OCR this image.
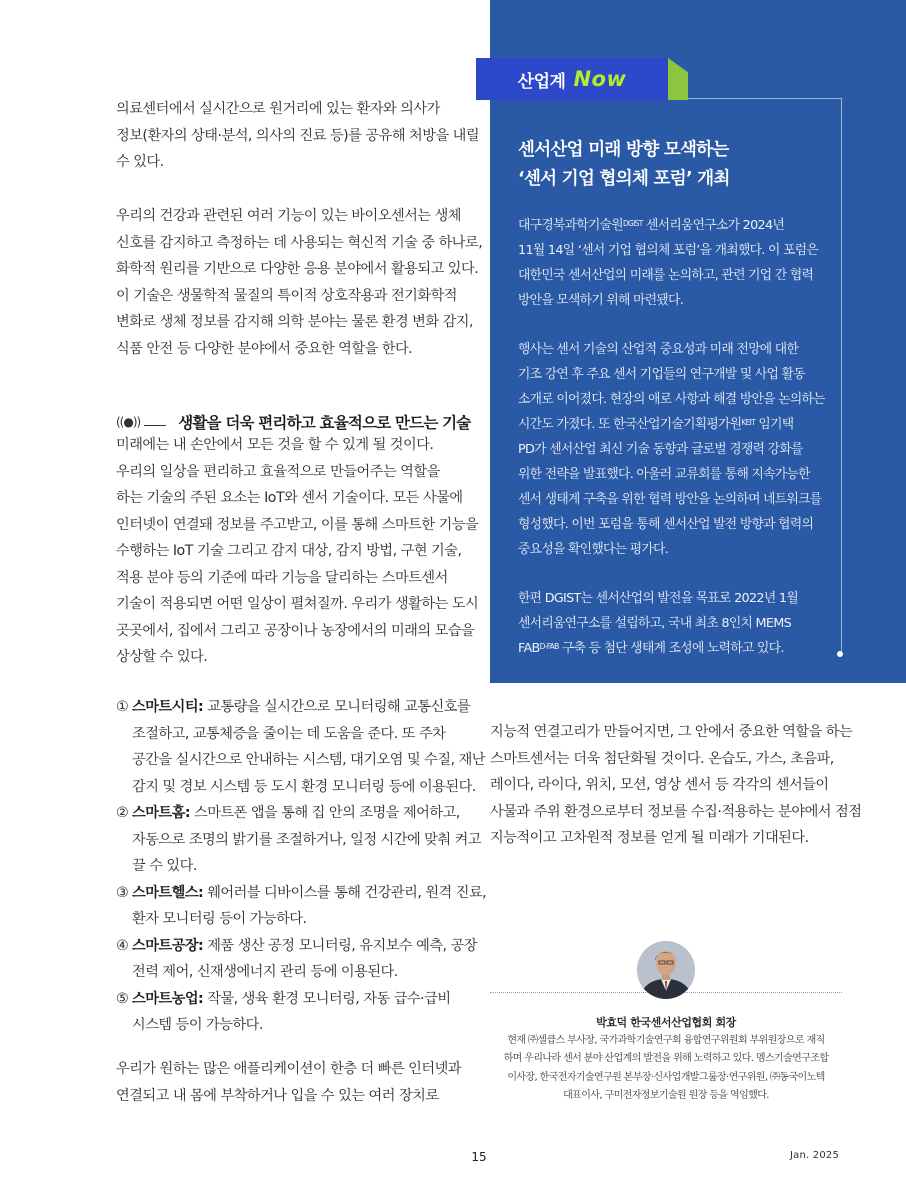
의료센터에서 실시간으로 원거리에 있는 환자와 의사가
정보(환자의 상태·분석, 의사의 진료 등)를 공유해 처방을 내릴
수 있다.
우리의 건강과 관련된 여러 기능이 있는 바이오센서는 생체
신호를 감지하고 측정하는 데 사용되는 혁신적 기술 중 하나로,
화학적 원리를 기반으로 다양한 응용 분야에서 활용되고 있다.
이 기술은 생물학적 물질의 특이적 상호작용과 전기화학적
변화로 생체 정보를 감지해 의학 분야는 물론 환경 변화 감지,
식품 안전 등 다양한 분야에서 중요한 역할을 한다.
((●)) 생활을 더욱 편리하고 효율적으로 만드는 기술
미래에는 내 손안에서 모든 것을 할 수 있게 될 것이다.
우리의 일상을 편리하고 효율적으로 만들어주는 역할을
하는 기술의 주된 요소는 IoT와 센서 기술이다. 모든 사물에
인터넷이 연결돼 정보를 주고받고, 이를 통해 스마트한 기능을
수행하는 IoT 기술 그리고 감지 대상, 감지 방법, 구현 기술,
적용 분야 등의 기준에 따라 기능을 달리하는 스마트센서
기술이 적용되면 어떤 일상이 펼쳐질까. 우리가 생활하는 도시
곳곳에서, 집에서 그리고 공장이나 농장에서의 미래의 모습을
상상할 수 있다.
① 스마트시티: 교통량을 실시간으로 모니터링해 교통신호를
조절하고, 교통체증을 줄이는 데 도움을 준다. 또 주차
공간을 실시간으로 안내하는 시스템, 대기오염 및 수질, 재난
감지 및 경보 시스템 등 도시 환경 모니터링 등에 이용된다.
② 스마트홈: 스마트폰 앱을 통해 집 안의 조명을 제어하고,
자동으로 조명의 밝기를 조절하거나, 일정 시간에 맞춰 켜고
끌 수 있다.
③ 스마트헬스: 웨어러블 디바이스를 통해 건강관리, 원격 진료,
환자 모니터링 등이 가능하다.
④ 스마트공장: 제품 생산 공정 모니터링, 유지보수 예측, 공장
전력 제어, 신재생에너지 관리 등에 이용된다.
⑤ 스마트농업: 작물, 생육 환경 모니터링, 자동 급수·급비
시스템 등이 가능하다.
우리가 원하는 많은 애플리케이션이 한층 더 빠른 인터넷과
연결되고 내 몸에 부착하거나 입을 수 있는 여러 장치로
산업계 Now
센서산업 미래 방향 모색하는
‘센서 기업 협의체 포럼’ 개최
대구경북과학기술원$^{DGIST}$ 센서리움연구소가 2024년
11월 14일 ‘센서 기업 협의체 포럼’을 개최했다. 이 포럼은
대한민국 센서산업의 미래를 논의하고, 관련 기업 간 협력
방안을 모색하기 위해 마련됐다.
행사는 센서 기술의 산업적 중요성과 미래 전망에 대한
기조 강연 후 주요 센서 기업들의 연구개발 및 사업 활동
소개로 이어졌다. 현장의 애로 사항과 해결 방안을 논의하는
시간도 가졌다. 또 한국산업기술기획평가원$^{KEIT}$ 임기택
PD가 센서산업 최신 기술 동향과 글로벌 경쟁력 강화를
위한 전략을 발표했다. 아울러 교류회를 통해 지속가능한
센서 생태계 구축을 위한 협력 방안을 논의하며 네트워크를
형성했다. 이번 포럼을 통해 센서산업 발전 방향과 협력의
중요성을 확인했다는 평가다.
한편 DGIST는 센서산업의 발전을 목표로 2022년 1월
센서리움연구소를 설립하고, 국내 최초 8인치 MEMS
$FAB^{D-FAB}$ 구축 등 첨단 생태계 조성에 노력하고 있다.
지능적 연결고리가 만들어지면, 그 안에서 중요한 역할을 하는
스마트센서는 더욱 첨단화될 것이다. 온습도, 가스, 초음파,
레이다, 라이다, 위치, 모션, 영상 센서 등 각각의 센서들이
사물과 주위 환경으로부터 정보를 수집·적용하는 분야에서 점점
지능적이고 고차원적 정보를 얻게 될 미래가 기대된다.
박효덕 한국센서산업협회 회장
현재 ㈜셀큽스 부사장, 국가과학기술연구회 융합연구위원회 부위원장으로 재직
하며 우리나라 센서 분야 산업계의 발전을 위해 노력하고 있다. 멤스기술연구조합
이사장, 한국전자기술연구원 본부장·신사업개발그룹장·연구위원, ㈜동국이노텍
대표이사, 구미전자정보기술원 원장 등을 역임했다.
15	Jan. 2025
